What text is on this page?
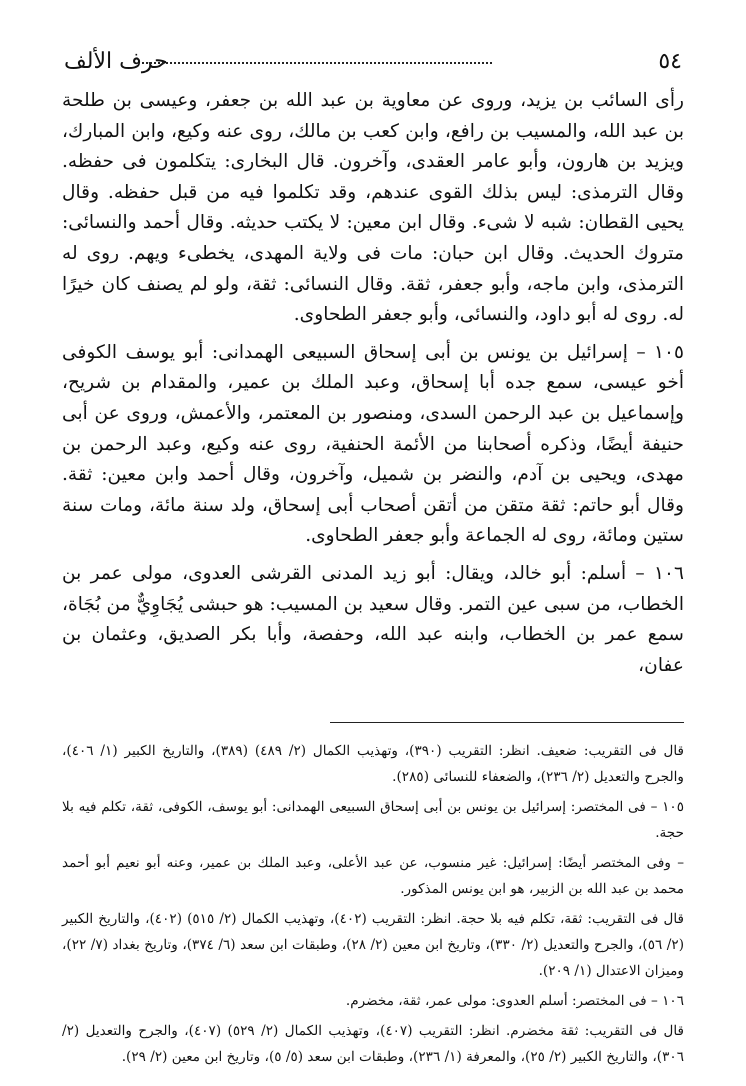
حرف الألف	٥٤

رأى السائب بن يزيد، وروى عن معاوية بن عبد الله بن جعفر، وعيسى بن طلحة بن عبد الله، والمسيب بن رافع، وابن كعب بن مالك، روى عنه وكيع، وابن المبارك، ويزيد بن هارون، وأبو عامر العقدى، وآخرون. قال البخارى: يتكلمون فى حفظه. وقال الترمذى: ليس بذلك القوى عندهم، وقد تكلموا فيه من قبل حفظه. وقال يحيى القطان: شبه لا شىء. وقال ابن معين: لا يكتب حديثه. وقال أحمد والنسائى: متروك الحديث. وقال ابن حبان: مات فى ولاية المهدى، يخطىء ويهم. روى له الترمذى، وابن ماجه، وأبو جعفر، ثقة. وقال النسائى: ثقة، ولو لم يصنف كان خيرًا له. روى له أبو داود، والنسائى، وأبو جعفر الطحاوى.

١٠٥ – إسرائيل بن يونس بن أبى إسحاق السبيعى الهمدانى: أبو يوسف الكوفى أخو عيسى، سمع جده أبا إسحاق، وعبد الملك بن عمير، والمقدام بن شريح، وإسماعيل بن عبد الرحمن السدى، ومنصور بن المعتمر، والأعمش، وروى عن أبى حنيفة أيضًا، وذكره أصحابنا من الأئمة الحنفية، روى عنه وكيع، وعبد الرحمن بن مهدى، ويحيى بن آدم، والنضر بن شميل، وآخرون، وقال أحمد وابن معين: ثقة. وقال أبو حاتم: ثقة متقن من أتقن أصحاب أبى إسحاق، ولد سنة مائة، ومات سنة ستين ومائة، روى له الجماعة وأبو جعفر الطحاوى.

١٠٦ – أسلم: أبو خالد، ويقال: أبو زيد المدنى القرشى العدوى، مولى عمر بن الخطاب، من سبى عين التمر. وقال سعيد بن المسيب: هو حبشى يُجَاوِيٌّ من بُجَاة، سمع عمر بن الخطاب، وابنه عبد الله، وحفصة، وأبا بكر الصديق، وعثمان بن عفان،

قال فى التقريب: ضعيف. انظر: التقريب (٣٩٠)، وتهذيب الكمال (٢/ ٤٨٩) (٣٨٩)، والتاريخ الكبير (١/ ٤٠٦)، والجرح والتعديل (٢/ ٢٣٦)، والضعفاء للنسائى (٢٨٥).

١٠٥ – فى المختصر: إسرائيل بن يونس بن أبى إسحاق السبيعى الهمدانى: أبو يوسف، الكوفى، ثقة، تكلم فيه بلا حجة.

– وفى المختصر أيضًا: إسرائيل: غير منسوب، عن عبد الأعلى، وعبد الملك بن عمير، وعنه أبو نعيم أبو أحمد محمد بن عبد الله بن الزبير، هو ابن يونس المذكور.

قال فى التقريب: ثقة، تكلم فيه بلا حجة. انظر: التقريب (٤٠٢)، وتهذيب الكمال (٢/ ٥١٥) (٤٠٢)، والتاريخ الكبير (٢/ ٥٦)، والجرح والتعديل (٢/ ٣٣٠)، وتاريخ ابن معين (٢/ ٢٨)، وطبقات ابن سعد (٦/ ٣٧٤)، وتاريخ بغداد (٧/ ٢٢)، وميزان الاعتدال (١/ ٢٠٩).

١٠٦ – فى المختصر: أسلم العدوى: مولى عمر، ثقة، مخضرم.

قال فى التقريب: ثقة مخضرم. انظر: التقريب (٤٠٧)، وتهذيب الكمال (٢/ ٥٢٩) (٤٠٧)، والجرح والتعديل (٢/ ٣٠٦)، والتاريخ الكبير (٢/ ٢٥)، والمعرفة (١/ ٢٣٦)، وطبقات ابن سعد (٥/ ٥)، وتاريخ ابن معين (٢/ ٢٩).
